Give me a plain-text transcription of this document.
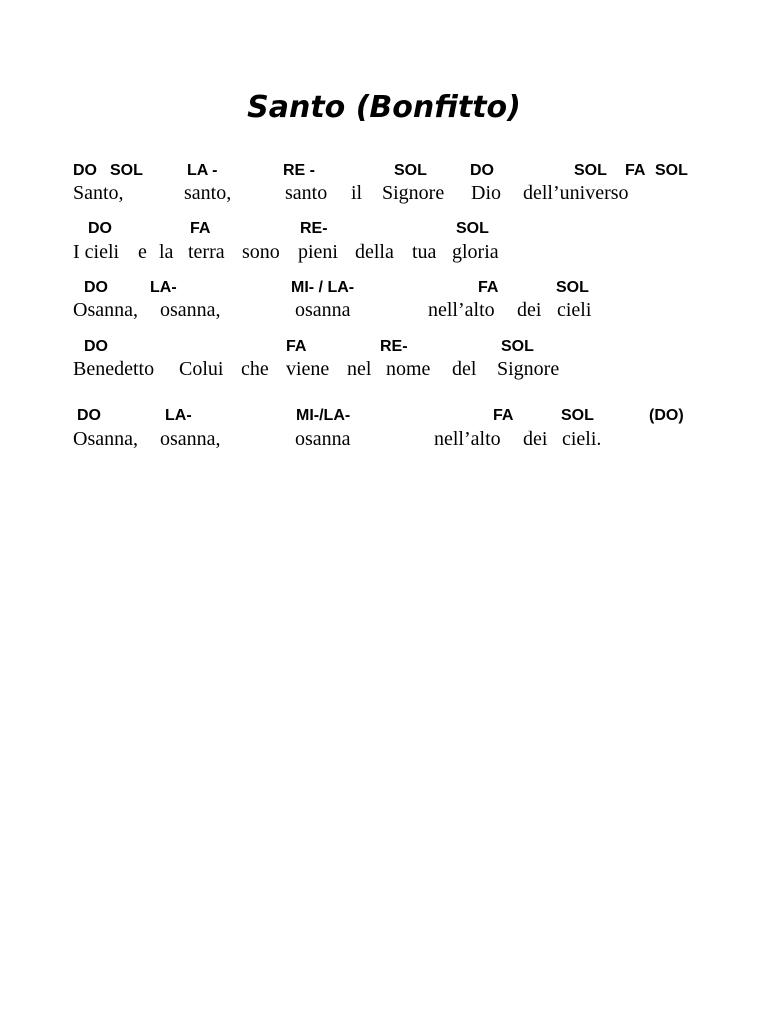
Santo (Bonfitto)
DO SOL	LA -	RE -	SOL	DO	SOL FA SOL
Santo,	santo,	santo il Signore Dio dell’universo
DO	FA	RE-	SOL
I cieli e la terra sono pieni della tua gloria
DO	LA-	MI- / LA-	FA	SOL
Osanna, osanna,	osanna	nell’alto dei cieli
DO	FA	RE-	SOL
Benedetto Colui che viene nel nome del Signore
DO	LA-	MI-/LA-	FA	SOL	(DO)
Osanna, osanna,	osanna	nell’alto dei cieli.
